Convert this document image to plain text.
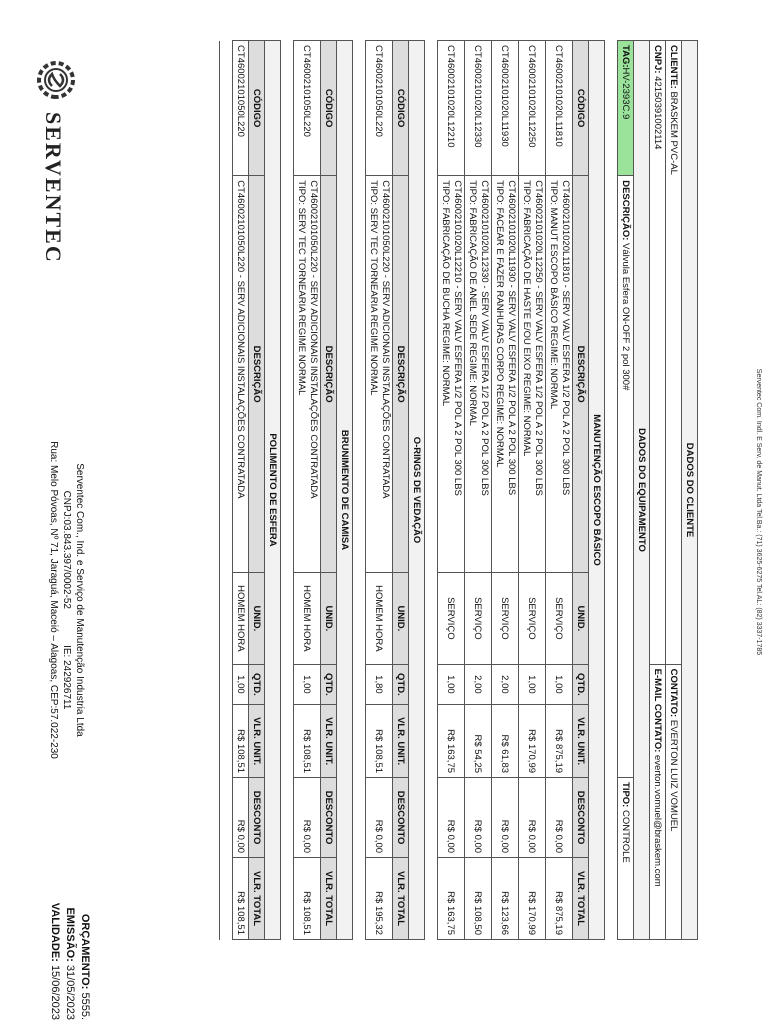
Serventec Com. Indl. E Serv. de Manut. Ltda Tel.Ba.: (71) 3625-6275 Tel.AL: (82) 3337-1785
DADOS DO CLIENTE						
CLIENTE: BRASKEM PVC-AL			CONTATO: EVERTON LUIZ VOMUEL			
CNPJ: 42150391002114			E-MAIL CONTATO: everton.vomuel@braskem.com			
DADOS DO EQUIPAMENTO						
TAG:HV-2393C.9	DESCRIÇÃO: Válvula Esfera ON-OFF 2 pol 300#				TIPO: CONTROLE	

MANUTENÇÃO ESCOPO BÁSICO						
CÓDIGO	DESCRIÇÃO	UNID.	QTD.	VLR. UNIT.	DESCONTO	VLR. TOTAL
CT46002101020L11810	CT46002101020L11810 - SERV VALV ESFERA 1/2 POL A 2 POL 300 LBS
TIPO: MANUT ESCOPO BÁSICO REGIME: NORMAL	SERVIÇO	1,00	R$ 875,19	R$ 0,00	R$ 875,19
CT46002101020L12250	CT46002101020L12250 - SERV VALV ESFERA 1/2 POL A 2 POL 300 LBS
TIPO: FABRICAÇÃO DE HASTE E/OU EIXO REGIME: NORMAL	SERVIÇO	1,00	R$ 170,99	R$ 0,00	R$ 170,99
CT46002101020L11930	CT46002101020L11930 - SERV VALV ESFERA 1/2 POL A 2 POL 300 LBS
TIPO: FACEAR E FAZER RANHURAS CORPO REGIME: NORMAL	SERVIÇO	2,00	R$ 61,83	R$ 0,00	R$ 123,66
CT46002101020L12330	CT46002101020L12330 - SERV VALV ESFERA 1/2 POL A 2 POL 300 LBS
TIPO: FABRICAÇÃO DE ANEL SEDE REGIME: NORMAL	SERVIÇO	2,00	R$ 54,25	R$ 0,00	R$ 108,50
CT46002101020L12210	CT46002101020L12210 - SERV VALV ESFERA 1/2 POL A 2 POL 300 LBS
TIPO: FABRICAÇÃO DE BUCHA REGIME: NORMAL	SERVIÇO	1,00	R$ 163,75	R$ 0,00	R$ 163,75

O-RINGS DE VEDAÇÃO						
CÓDIGO	DESCRIÇÃO	UNID.	QTD.	VLR. UNIT.	DESCONTO	VLR. TOTAL
CT46002101050L220	CT46002101050L220 - SERV ADICIONAIS INSTALAÇÕES CONTRATADA
TIPO: SERV TEC TORNEARIA REGIME NORMAL	HOMEM HORA	1,80	R$ 108,51	R$ 0,00	R$ 195,32

BRUNIMENTO DE CAMISA						
CÓDIGO	DESCRIÇÃO	UNID.	QTD.	VLR. UNIT.	DESCONTO	VLR. TOTAL
CT46002101050L220	CT46002101050L220 - SERV ADICIONAIS INSTALAÇÕES CONTRATADA
TIPO: SERV TEC TORNEARIA REGIME NORMAL	HOMEM HORA	1,00	R$ 108,51	R$ 0,00	R$ 108,51

POLIMENTO DE ESFERA						
CÓDIGO	DESCRIÇÃO	UNID.	QTD.	VLR. UNIT.	DESCONTO	VLR. TOTAL
CT46002101050L220	CT46002101050L220 - SERV ADICIONAIS INSTALAÇÕES CONTRATADA	HOMEM HORA	1,00	R$ 108,51	R$ 0,00	R$ 108,51

SERVENTEC
Serventec Com., Ind. e Serviço de Manutenção Industria Ltda
CNPJ:03.843.397/0002-52             IE: 242926711
Rua: Melo Póvoas, Nº 71, Jaraguá, Maceió – Alagoas, CEP:57.022-230
ORÇAMENTO: 5555.
EMISSÃO: 31/05/2023
VALIDADE: 15/06/2023
